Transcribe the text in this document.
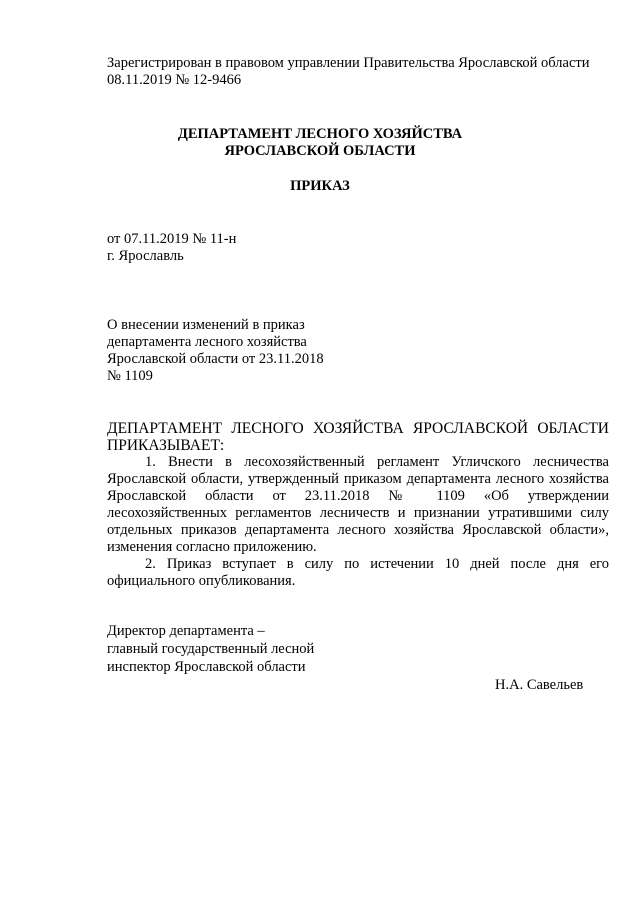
Зарегистрирован в правовом управлении Правительства Ярославской области
08.11.2019 № 12-9466
ДЕПАРТАМЕНТ ЛЕСНОГО ХОЗЯЙСТВА
ЯРОСЛАВСКОЙ ОБЛАСТИ
ПРИКАЗ
от 07.11.2019 № 11-н
г. Ярославль
О внесении изменений в приказ
департамента лесного хозяйства
Ярославской области от 23.11.2018
№ 1109

ДЕПАРТАМЕНТ ЛЕСНОГО ХОЗЯЙСТВА ЯРОСЛАВСКОЙ ОБЛАСТИ ПРИКАЗЫВАЕТ:

1. Внести в лесохозяйственный регламент Угличского лесничества Ярославской области, утвержденный приказом департамента лесного хозяйства Ярославской области от 23.11.2018 № 1109 «Об утверждении лесохозяйственных регламентов лесничеств и признании утратившими силу отдельных приказов департамента лесного хозяйства Ярославской области», изменения согласно приложению.

2. Приказ вступает в силу по истечении 10 дней после дня его официального опубликования.

Директор департамента –
главный государственный лесной
инспектор Ярославской области
Н.А. Савельев
